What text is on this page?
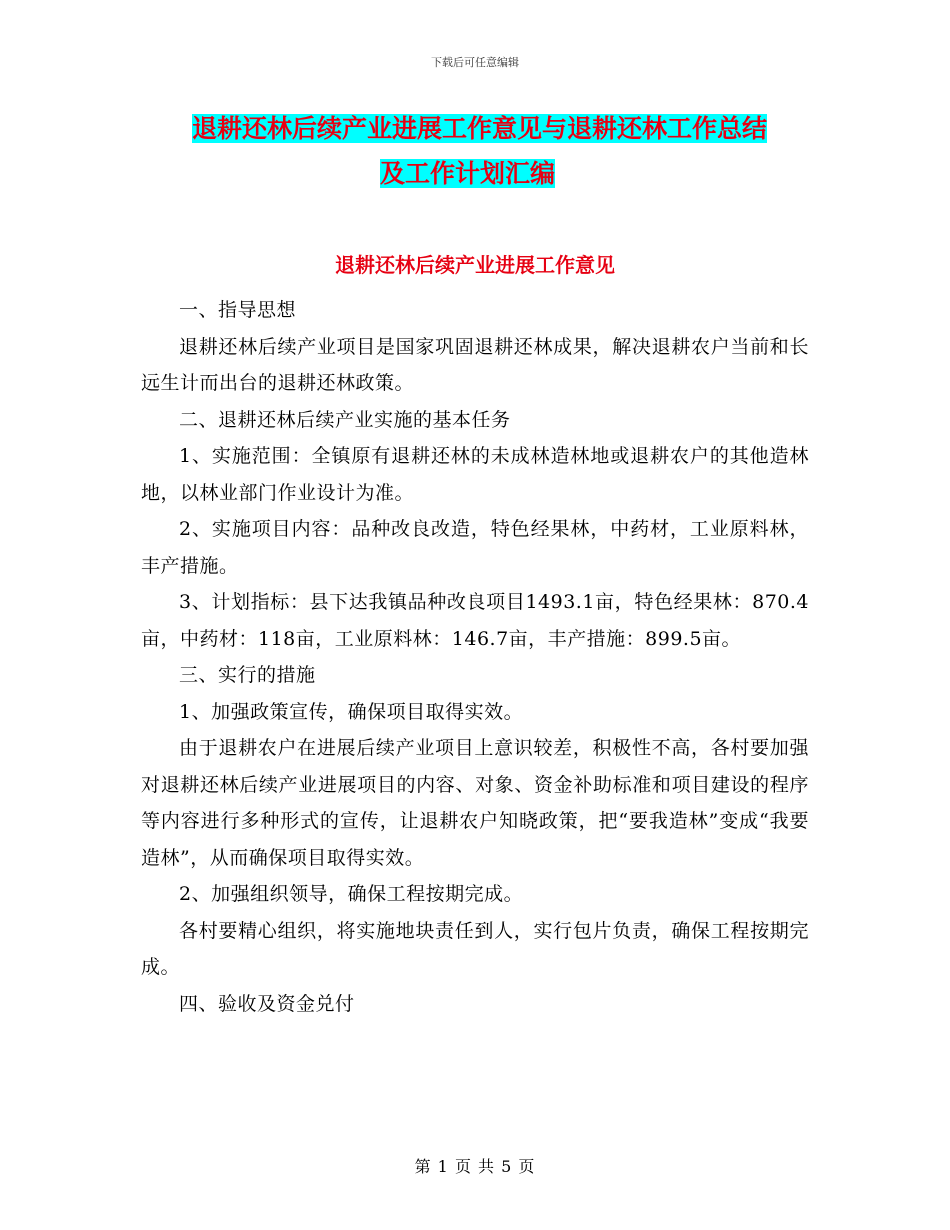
下载后可任意编辑
退耕还林后续产业进展工作意见与退耕还林工作总结
及工作计划汇编
退耕还林后续产业进展工作意见

一、指导思想

退耕还林后续产业项目是国家巩固退耕还林成果，解决退耕农户当前和长远生计而出台的退耕还林政策。

二、退耕还林后续产业实施的基本任务

1、实施范围：全镇原有退耕还林的未成林造林地或退耕农户的其他造林地，以林业部门作业设计为准。

2、实施项目内容：品种改良改造，特色经果林，中药材，工业原料林，丰产措施。

3、计划指标：县下达我镇品种改良项目1493.1亩，特色经果林：870.4亩，中药材：118亩，工业原料林：146.7亩，丰产措施：899.5亩。

三、实行的措施

1、加强政策宣传，确保项目取得实效。

由于退耕农户在进展后续产业项目上意识较差，积极性不高，各村要加强对退耕还林后续产业进展项目的内容、对象、资金补助标准和项目建设的程序等内容进行多种形式的宣传，让退耕农户知晓政策，把“要我造林”变成“我要造林”，从而确保项目取得实效。

2、加强组织领导，确保工程按期完成。

各村要精心组织，将实施地块责任到人，实行包片负责，确保工程按期完成。

四、验收及资金兑付

第 1 页 共 5 页
